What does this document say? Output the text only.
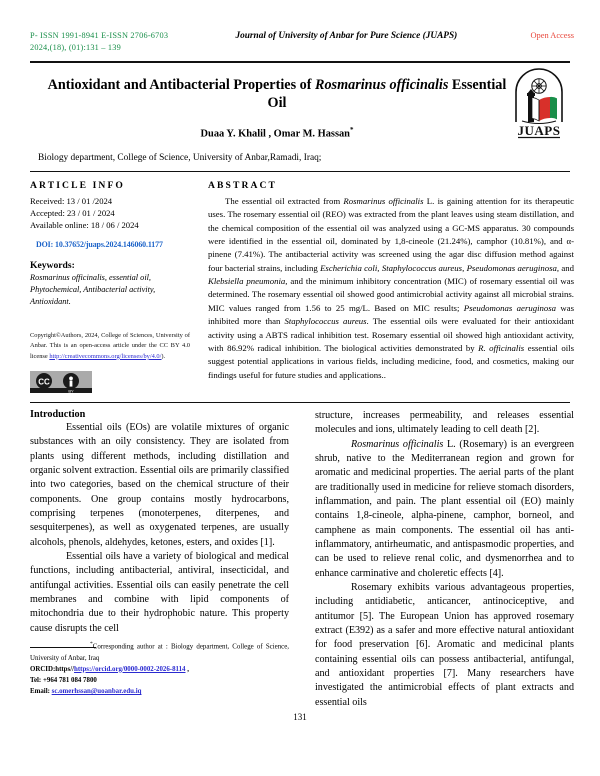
P- ISSN 1991-8941 E-ISSN 2706-6703
2024,(18), (01):131 – 139
Journal of University of Anbar for Pure Science (JUAPS)	Open Access
Antioxidant and Antibacterial Properties of Rosmarinus officinalis Essential Oil
Duaa Y. Khalil , Omar M. Hassan*
Biology department, College of Science, University of Anbar,Ramadi, Iraq;
JUAPS
ARTICLE INFO
Received: 13 / 01 /2024
Accepted: 23 / 01 / 2024
Available online: 18 / 06 / 2024
DOI: 10.37652/juaps.2024.146060.1177
Keywords:
Rosmarinus officinalis, essential oil, Phytochemical, Antibacterial activity, Antioxidant.
Copyright©Authors, 2024, College of Sciences, University of Anbar. This is an open-access article under the CC BY 4.0 license http://creativecommons.org/licenses/by/4.0/).
CC
BY
ABSTRACT
The essential oil extracted from Rosmarinus officinalis L. is gaining attention for its therapeutic uses. The rosemary essential oil (REO) was extracted from the plant leaves using steam distillation, and the chemical composition of the essential oil was analyzed using a GC-MS apparatus. 30 compounds were identified in the essential oil, dominated by 1,8-cineole (21.24%), camphor (10.81%), and α-pinene (7.41%). The antibacterial activity was screened using the agar disc diffusion method against four bacterial strains, including Escherichia coli, Staphylococcus aureus, Pseudomonas aeruginosa, and Klebsiella pneumonia, and the minimum inhibitory concentration (MIC) of rosemary essential oil was determined. The rosemary essential oil showed good antimicrobial activity against all microbial strains. MIC values ranged from 1.56 to 25 mg/L. Based on MIC results; Pseudomonas aeruginosa was inhibited more than Staphylococcus aureus. The essential oils were evaluated for their antioxidant activity using a ABTS radical inhibition test. Rosemary essential oil showed high antioxidant activity, with 86.92% radical inhibition. The biological activities demonstrated by R. officinalis essential oils suggest potential applications in various fields, including medicine, food, and cosmetics, making our findings useful for future studies and applications..
Introduction

Essential oils (EOs) are volatile mixtures of organic substances with an oily consistency. They are isolated from plants using different methods, including distillation and organic solvent extraction. Essential oils are primarily classified into two categories, based on the chemical structure of their components. One group contains mostly hydrocarbons, comprising terpenes (monoterpenes, diterpenes, and sesquiterpenes), as well as oxygenated terpenes, are usually alcohols, phenols, aldehydes, ketones, esters, and oxides [1].

Essential oils have a variety of biological and medical functions, including antibacterial, antiviral, insecticidal, and antifungal activities. Essential oils can easily penetrate the cell membranes and combine with lipid components of mitochondria due to their hydrophobic nature. This property cause disrupts the cell

*Corresponding author at : Biology department, College of Science, University of Anbar, Iraq
ORCID:https//https://orcid.org/0000-0002-2026-8114 ,
Tel: +964 781 084 7800
Email: sc.omerhssan@uoanbar.edu.iq

structure, increases permeability, and releases essential molecules and ions, ultimately leading to cell death [2].

Rosmarinus officinalis L. (Rosemary) is an evergreen shrub, native to the Mediterranean region and grown for aromatic and medicinal properties. The aerial parts of the plant are traditionally used in medicine for relieve stomach disorders, inflammation, and pain. The plant essential oil (EO) mainly contains 1,8-cineole, alpha-pinene, camphor, borneol, and camphene as main components. The essential oil has anti-inflammatory, antirheumatic, and antispasmodic properties, and can be used to relieve renal colic, and dysmenorrhea and to enhance carminative and choleretic effects [4].

Rosemary exhibits various advantageous properties, including antidiabetic, anticancer, antinociceptive, and antitumor [5]. The European Union has approved rosemary extract (E392) as a safer and more effective natural antioxidant for food preservation [6]. Aromatic and medicinal plants containing essential oils can possess antibacterial, antifungal, and antioxidant properties [7]. Many researchers have investigated the antimicrobial effects of plant extracts and essential oils

131
